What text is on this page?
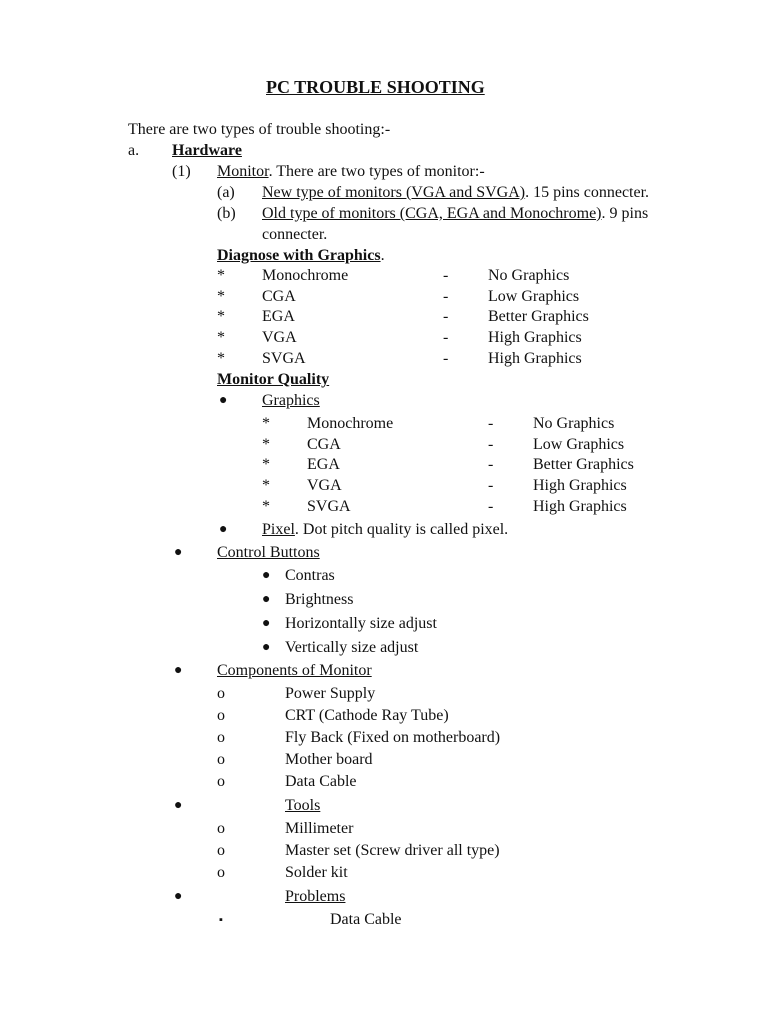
PC TROUBLE SHOOTING
There are two types of trouble shooting:-
a. Hardware
(1) Monitor. There are two types of monitor:-
(a) New type of monitors (VGA and SVGA). 15 pins connecter.
(b) Old type of monitors (CGA, EGA and Monochrome). 9 pins
connecter.
Diagnose with Graphics.
* Monochrome	- No Graphics
* CGA	- Low Graphics
* EGA	- Better Graphics
* VGA	- High Graphics
* SVGA	- High Graphics
Monitor Quality
● Graphics
* Monochrome	- No Graphics
* CGA	- Low Graphics
* EGA	- Better Graphics
* VGA	- High Graphics
* SVGA	- High Graphics
● Pixel. Dot pitch quality is called pixel.
● Control Buttons
● Contras
● Brightness
● Horizontally size adjust
● Vertically size adjust
● Components of Monitor
o	Power Supply
o	CRT (Cathode Ray Tube)
o	Fly Back (Fixed on motherboard)
o	Mother board
o	Data Cable
●	Tools
o	Millimeter
o	Master set (Screw driver all type)
o	Solder kit
●	Problems
▪	Data Cable
